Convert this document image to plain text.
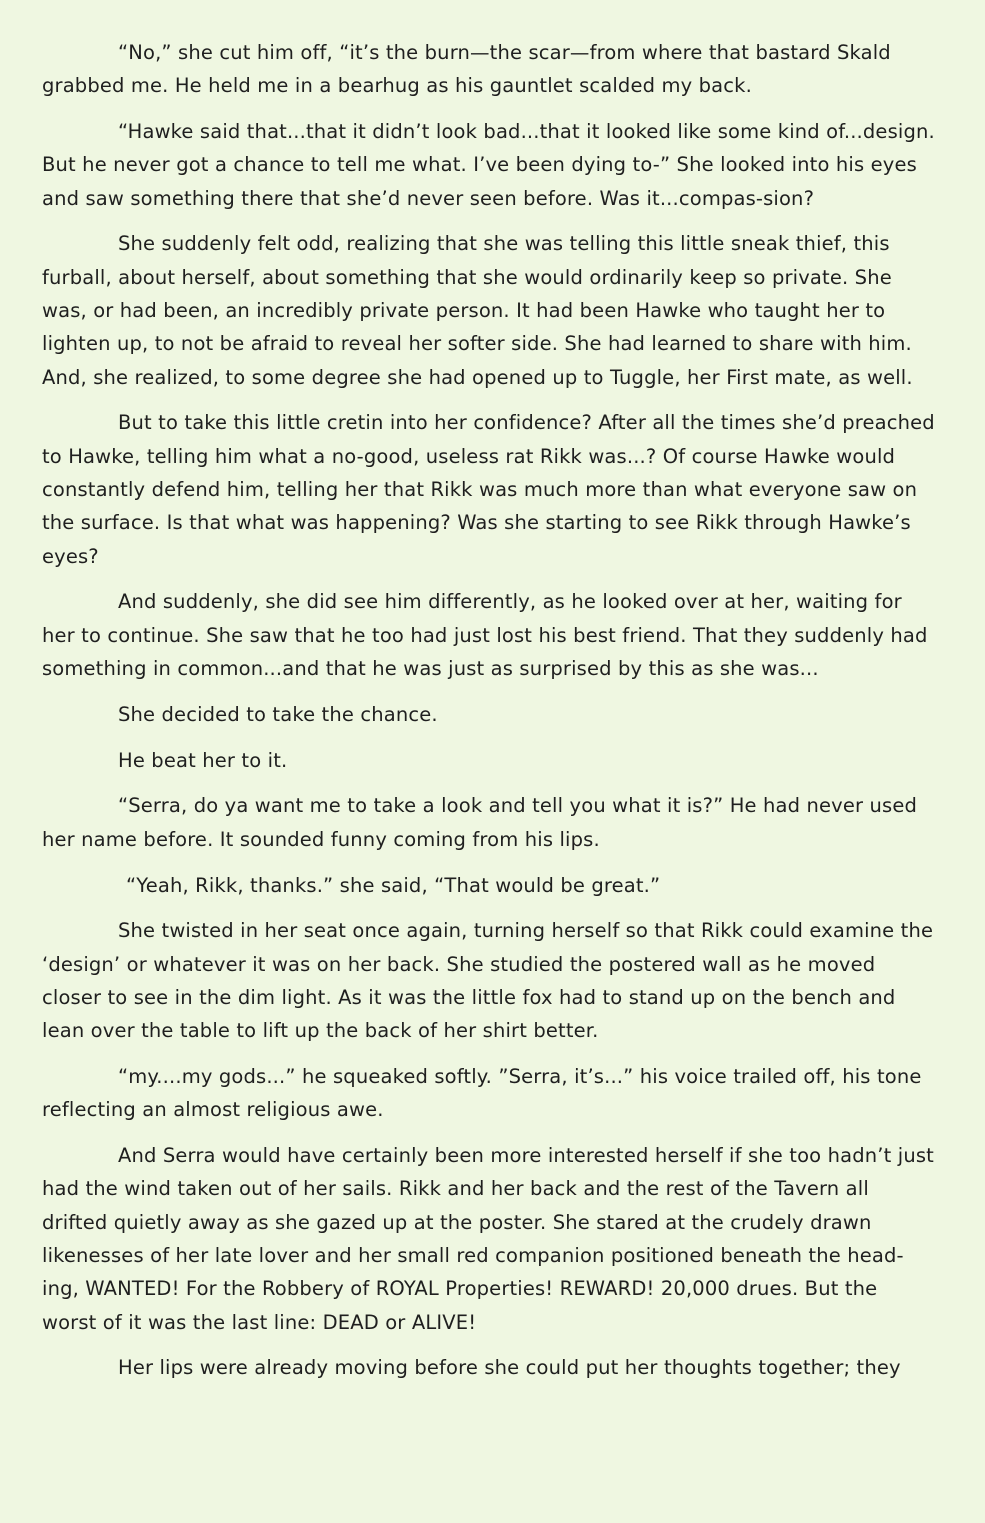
“No,” she cut him off, “it’s the burn—the scar—from where that bastard Skald grabbed me. He held me in a bearhug as his gauntlet scalded my back.

“Hawke said that...that it didn’t look bad...that it looked like some kind of...design. But he never got a chance to tell me what. I’ve been dying to-” She looked into his eyes and saw something there that she’d never seen before. Was it...compas-sion?

She suddenly felt odd, realizing that she was telling this little sneak thief, this furball, about herself, about something that she would ordinarily keep so private. She was, or had been, an incredibly private person. It had been Hawke who taught her to lighten up, to not be afraid to reveal her softer side. She had learned to share with him. And, she realized, to some degree she had opened up to Tuggle, her First mate, as well.

But to take this little cretin into her confidence? After all the times she’d preached to Hawke, telling him what a no-good, useless rat Rikk was...? Of course Hawke would constantly defend him, telling her that Rikk was much more than what everyone saw on the surface. Is that what was happening? Was she starting to see Rikk through Hawke’s eyes?

And suddenly, she did see him differently, as he looked over at her, waiting for her to continue. She saw that he too had just lost his best friend. That they suddenly had something in common...and that he was just as surprised by this as she was...

She decided to take the chance.

He beat her to it.

“Serra, do ya want me to take a look and tell you what it is?” He had never used her name before. It sounded funny coming from his lips.

“Yeah, Rikk, thanks.” she said, “That would be great.”

She twisted in her seat once again, turning herself so that Rikk could examine the ‘design’ or whatever it was on her back. She studied the postered wall as he moved closer to see in the dim light. As it was the little fox had to stand up on the bench and lean over the table to lift up the back of her shirt better.

“my....my gods...” he squeaked softly. ”Serra, it’s...” his voice trailed off, his tone reflecting an almost religious awe.

And Serra would have certainly been more interested herself if she too hadn’t just had the wind taken out of her sails. Rikk and her back and the rest of the Tavern all drifted quietly away as she gazed up at the poster. She stared at the crudely drawn likenesses of her late lover and her small red companion positioned beneath the head-ing, WANTED! For the Robbery of ROYAL Properties! REWARD! 20,000 drues. But the worst of it was the last line: DEAD or ALIVE!

Her lips were already moving before she could put her thoughts together; they
